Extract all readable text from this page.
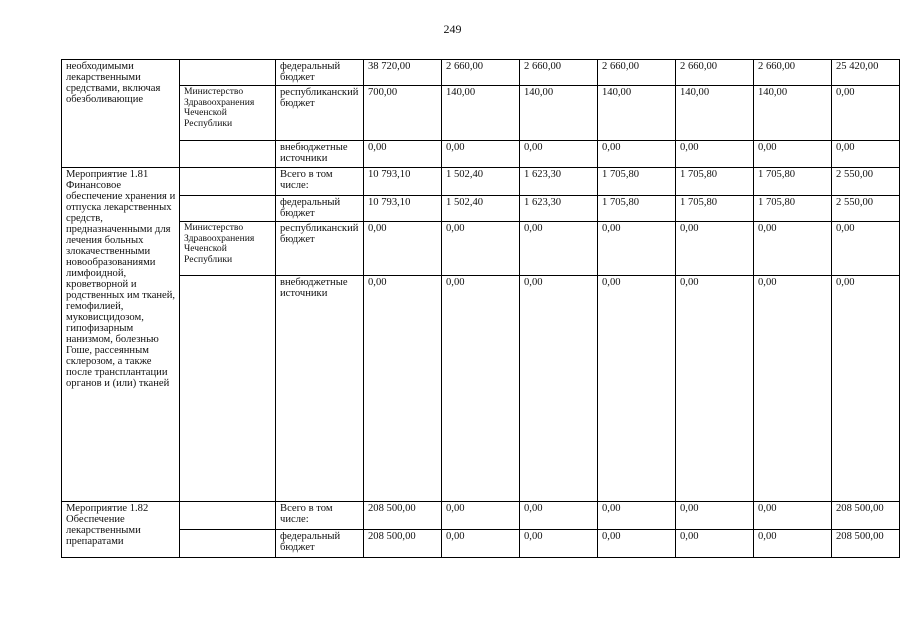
249
необходимыми лекарственными средствами, включая обезболивающие		федеральный бюджет	38 720,00	2 660,00	2 660,00	2 660,00	2 660,00	2 660,00	25 420,00
	Министерство Здравоохранения Чеченской Республики	республиканский бюджет	700,00	140,00	140,00	140,00	140,00	140,00	0,00
		внебюджетные источники	0,00	0,00	0,00	0,00	0,00	0,00	0,00
Мероприятие 1.81 Финансовое обеспечение хранения и отпуска лекарственных средств, предназначенными для лечения больных злокачественными новообразованиями лимфоидной, кроветворной и родственных им тканей, гемофилией, муковисцидозом, гипофизарным нанизмом, болезнью Гоше, рассеянным склерозом, а также после трансплантации органов и (или) тканей		Всего в том числе:	10 793,10	1 502,40	1 623,30	1 705,80	1 705,80	1 705,80	2 550,00
		федеральный бюджет	10 793,10	1 502,40	1 623,30	1 705,80	1 705,80	1 705,80	2 550,00
	Министерство Здравоохранения Чеченской Республики	республиканский бюджет	0,00	0,00	0,00	0,00	0,00	0,00	0,00
		внебюджетные источники	0,00	0,00	0,00	0,00	0,00	0,00	0,00
Мероприятие 1.82 Обеспечение лекарственными препаратами		Всего в том числе:	208 500,00	0,00	0,00	0,00	0,00	0,00	208 500,00
		федеральный бюджет	208 500,00	0,00	0,00	0,00	0,00	0,00	208 500,00
